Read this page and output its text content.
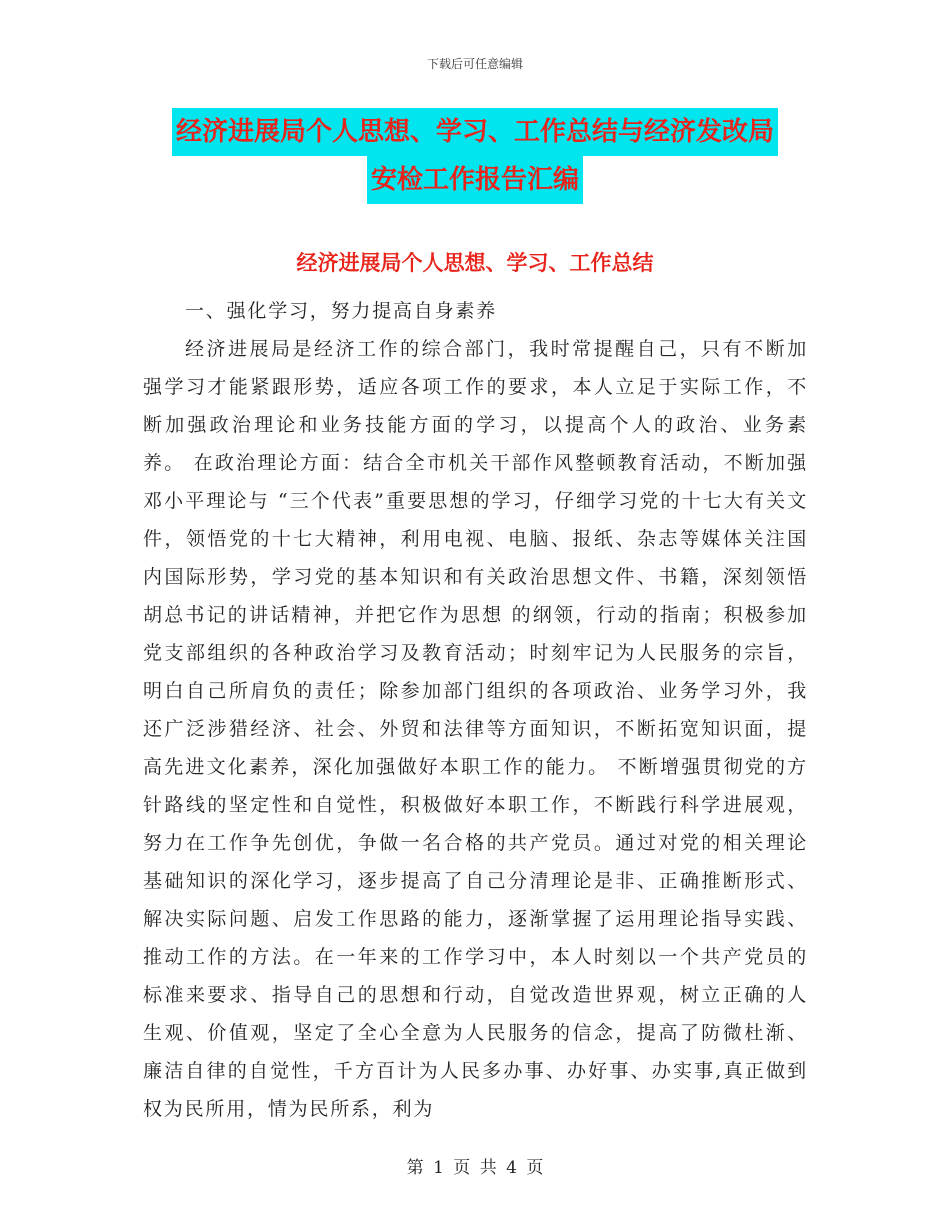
下载后可任意编辑
经济进展局个人思想、学习、工作总结与经济发改局
安检工作报告汇编
经济进展局个人思想、学习、工作总结

一、强化学习，努力提高自身素养

经济进展局是经济工作的综合部门，我时常提醒自己，只有不断加强学习才能紧跟形势，适应各项工作的要求，本人立足于实际工作，不断加强政治理论和业务技能方面的学习，以提高个人的政治、业务素养。 在政治理论方面：结合全市机关干部作风整顿教育活动，不断加强邓小平理论与 “三个代表”重要思想的学习，仔细学习党的十七大有关文件，领悟党的十七大精神，利用电视、电脑、报纸、杂志等媒体关注国内国际形势，学习党的基本知识和有关政治思想文件、书籍，深刻领悟胡总书记的讲话精神，并把它作为思想 的纲领，行动的指南；积极参加党支部组织的各种政治学习及教育活动；时刻牢记为人民服务的宗旨，明白自己所肩负的责任；除参加部门组织的各项政治、业务学习外，我还广泛涉猎经济、社会、外贸和法律等方面知识，不断拓宽知识面，提高先进文化素养，深化加强做好本职工作的能力。 不断增强贯彻党的方针路线的坚定性和自觉性，积极做好本职工作，不断践行科学进展观，努力在工作争先创优，争做一名合格的共产党员。通过对党的相关理论基础知识的深化学习，逐步提高了自己分清理论是非、正确推断形式、解决实际问题、启发工作思路的能力，逐渐掌握了运用理论指导实践、推动工作的方法。在一年来的工作学习中，本人时刻以一个共产党员的标准来要求、指导自己的思想和行动，自觉改造世界观，树立正确的人生观、价值观，坚定了全心全意为人民服务的信念，提高了防微杜渐、廉洁自律的自觉性，千方百计为人民多办事、办好事、办实事,真正做到权为民所用，情为民所系，利为

第 1 页 共 4 页
